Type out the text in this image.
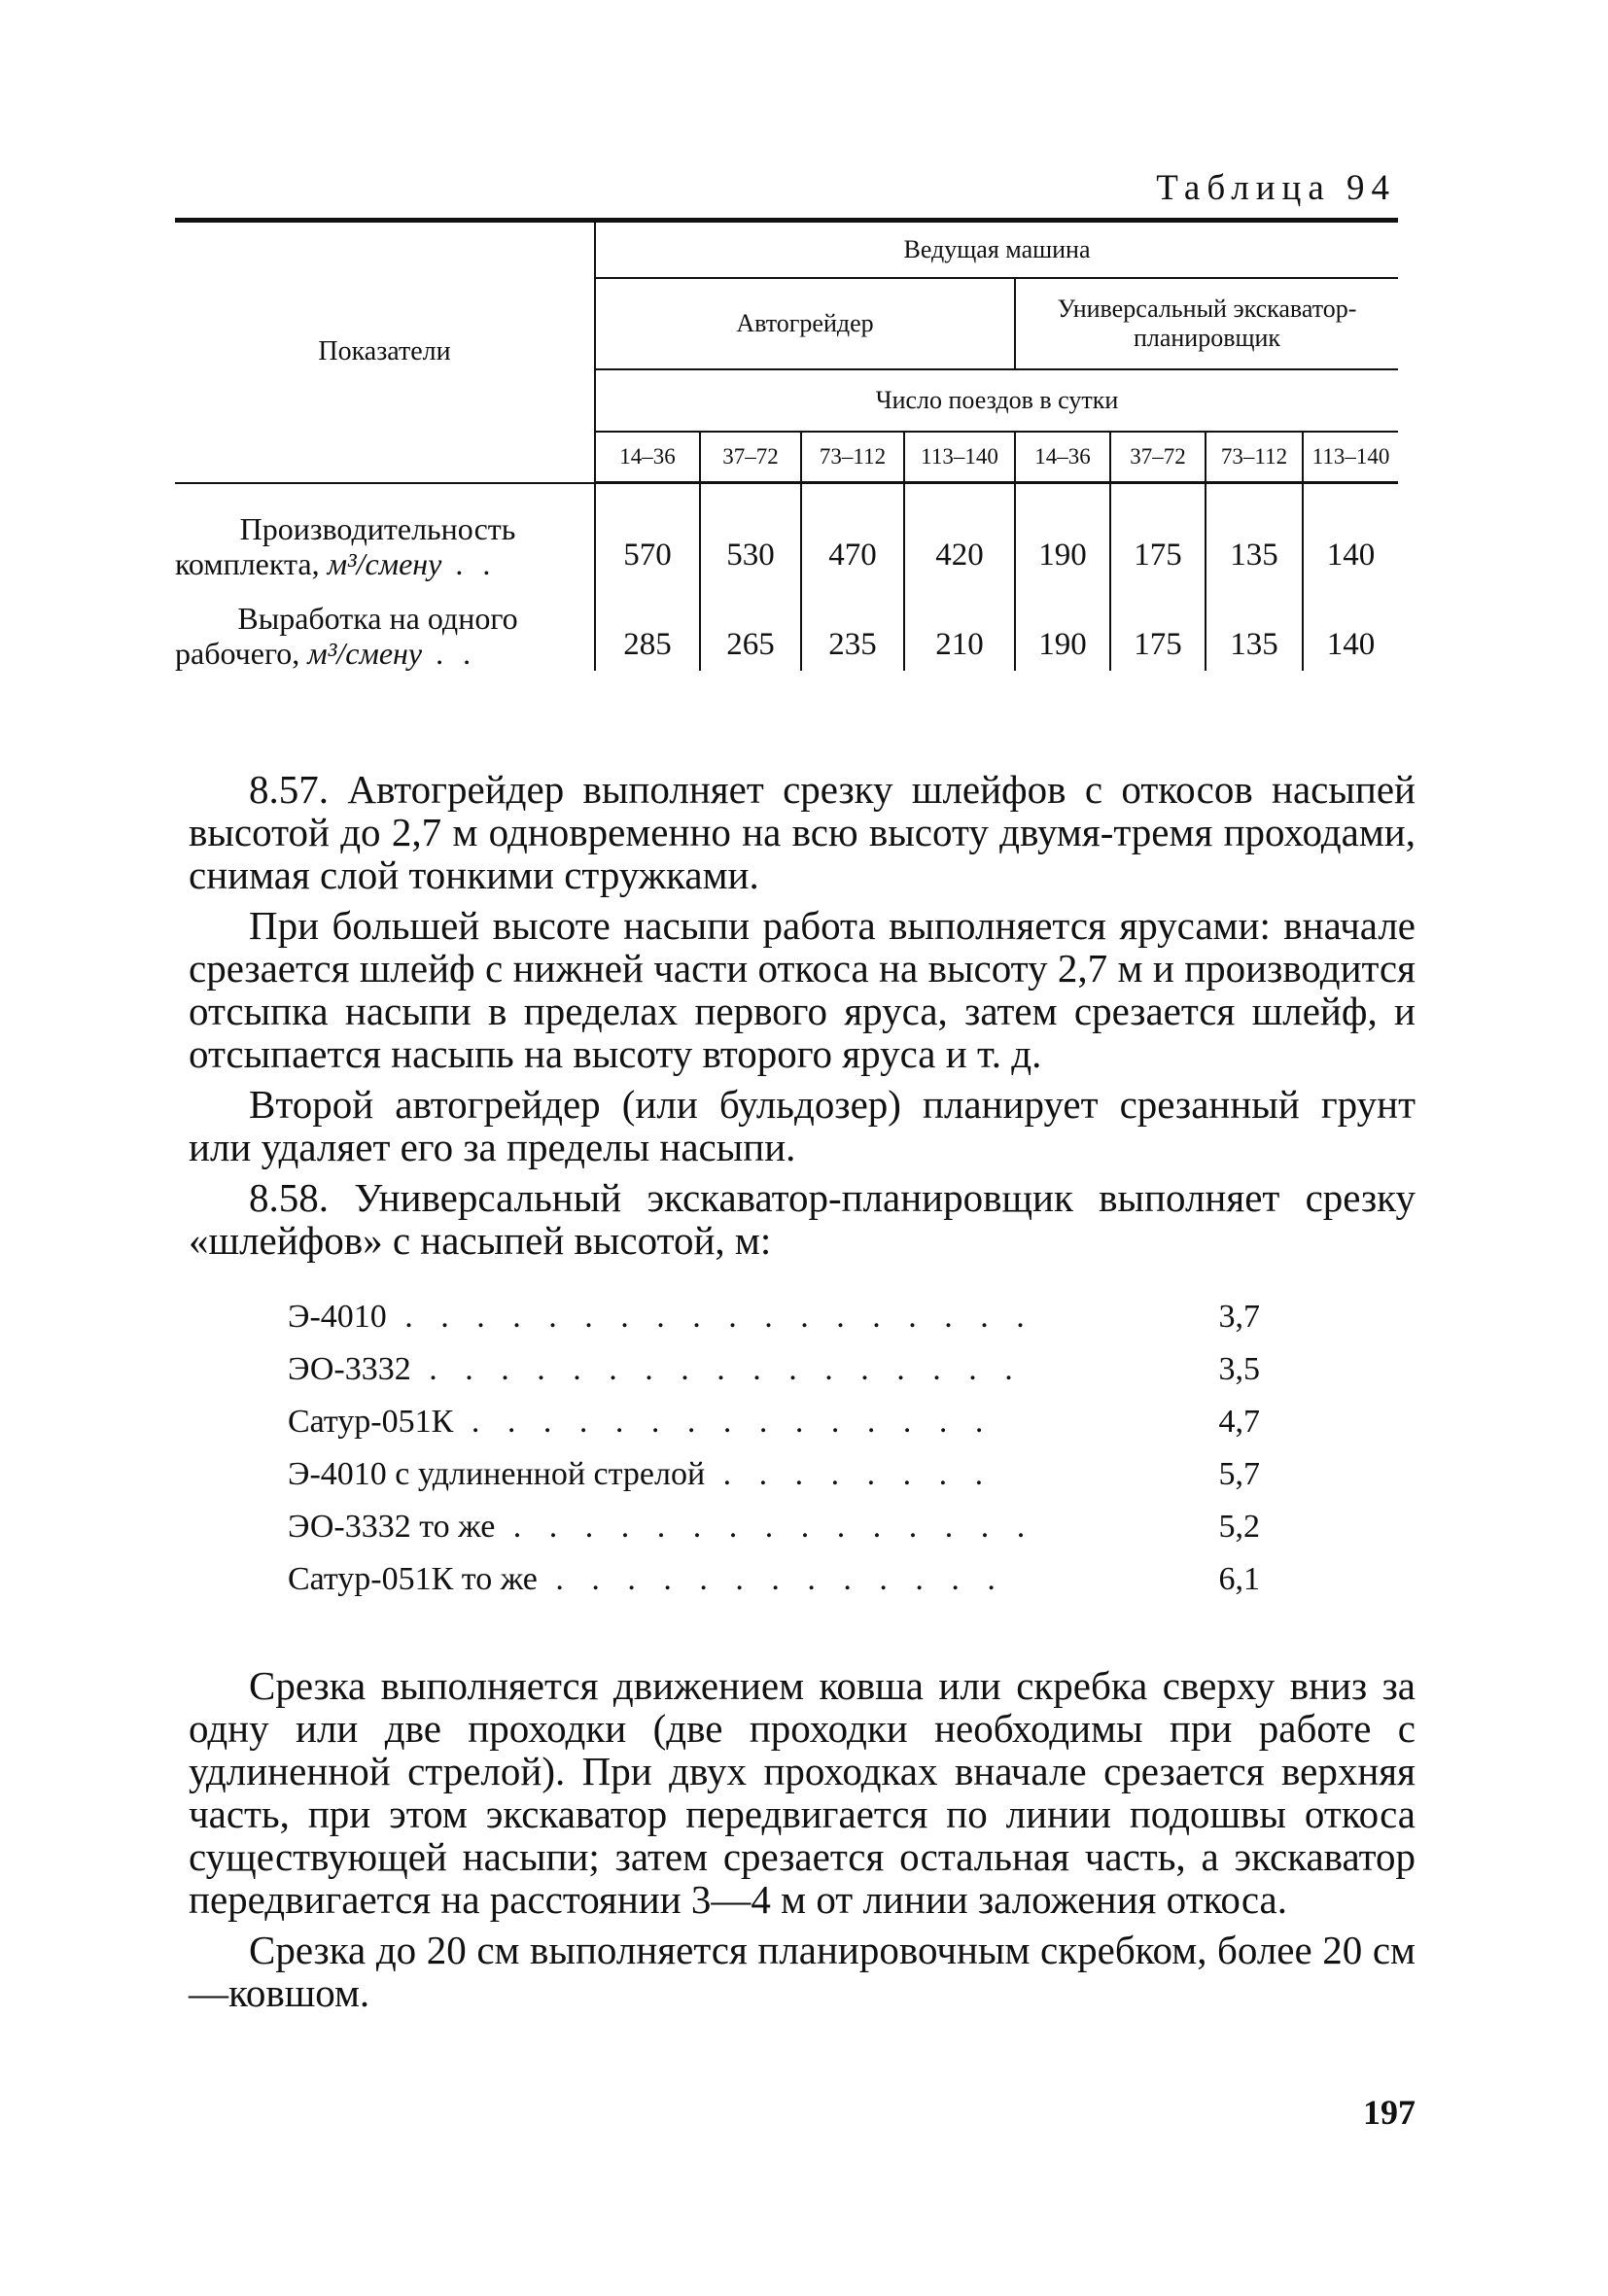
Таблица 94
Показатели	Ведущая машина							
	Автогрейдер				Универсальный экскаватор-планировщик			
	Число поездов в сутки							
	14–36	37–72	73–112	113–140	14–36	37–72	73–112	113–140

Производительность
комплекта, м³/смену . .	570	530	470	420	190	175	135	140

Выработка на одного
рабочего, м³/смену . .	285	265	235	210	190	175	135	140

8.57. Автогрейдер выполняет срезку шлейфов с откосов насыпей высотой до 2,7 м одновременно на всю высоту двумя-тремя проходами, снимая слой тонкими стружками.

При большей высоте насыпи работа выполняется ярусами: вначале срезается шлейф с нижней части откоса на высоту 2,7 м и производится отсыпка насыпи в пределах первого яруса, затем срезается шлейф, и отсыпается насыпь на высоту второго яруса и т. д.

Второй автогрейдер (или бульдозер) планирует срезанный грунт или удаляет его за пределы насыпи.

8.58. Универсальный экскаватор-планировщик выполняет срезку «шлейфов» с насыпей высотой, м:

Э-4010 . . . . . . . . . . . . . . . . . .	3,7
ЭО-3332 . . . . . . . . . . . . . . . . .	3,5
Сатур-051К . . . . . . . . . . . . . . .	4,7
Э-4010 с удлиненной стрелой . . . . . . . .	5,7
ЭО-3332 то же . . . . . . . . . . . . . . .	5,2
Сатур-051К то же . . . . . . . . . . . . .	6,1

Срезка выполняется движением ковша или скребка сверху вниз за одну или две проходки (две проходки необходимы при работе с удлиненной стрелой). При двух проходках вначале срезается верхняя часть, при этом экскаватор передвигается по линии подошвы откоса существующей насыпи; затем срезается остальная часть, а экскаватор передвигается на расстоянии 3—4 м от линии заложения откоса.

Срезка до 20 см выполняется планировочным скребком, более 20 см—ковшом.

197
